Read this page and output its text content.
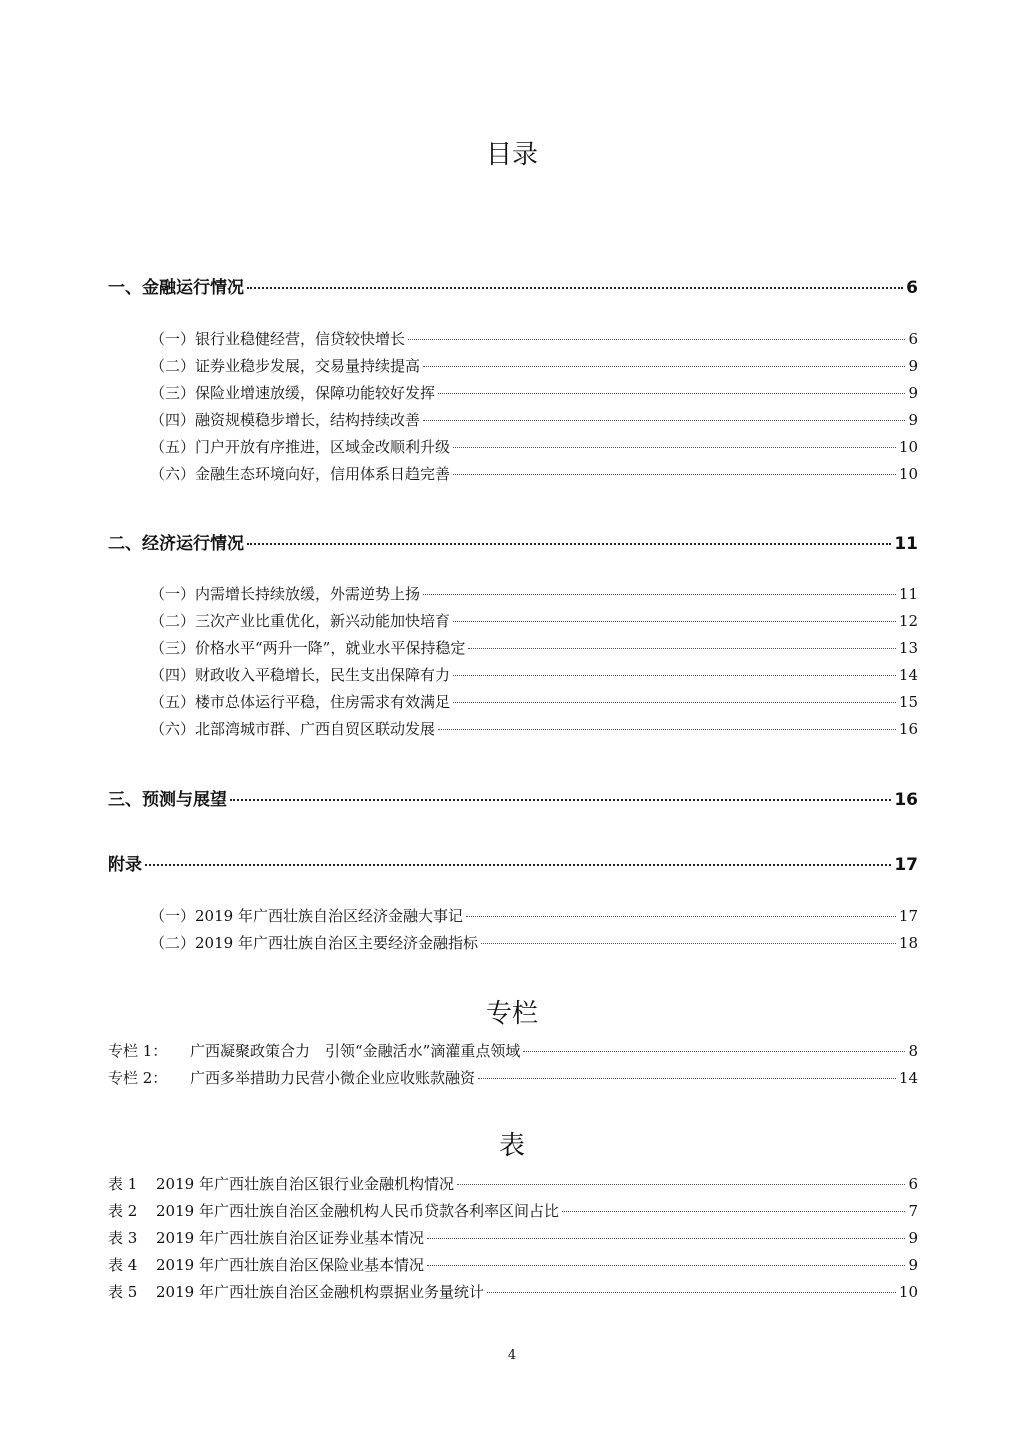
目录
一、金融运行情况	6
（一）银行业稳健经营，信贷较快增长	6
（二）证券业稳步发展，交易量持续提高	9
（三）保险业增速放缓，保障功能较好发挥	9
（四）融资规模稳步增长，结构持续改善	9
（五）门户开放有序推进，区域金改顺利升级	10
（六）金融生态环境向好，信用体系日趋完善	10
二、经济运行情况	11
（一）内需增长持续放缓，外需逆势上扬	11
（二）三次产业比重优化，新兴动能加快培育	12
（三）价格水平“两升一降”，就业水平保持稳定	13
（四）财政收入平稳增长，民生支出保障有力	14
（五）楼市总体运行平稳，住房需求有效满足	15
（六）北部湾城市群、广西自贸区联动发展	16
三、预测与展望	16
附录	17
（一）2019 年广西壮族自治区经济金融大事记	17
（二）2019 年广西壮族自治区主要经济金融指标	18
专栏
专栏 1：	广西凝聚政策合力　引领“金融活水”滴灌重点领域	8
专栏 2：	广西多举措助力民营小微企业应收账款融资	14
表
表 1	2019 年广西壮族自治区银行业金融机构情况	6
表 2	2019 年广西壮族自治区金融机构人民币贷款各利率区间占比	7
表 3	2019 年广西壮族自治区证券业基本情况	9
表 4	2019 年广西壮族自治区保险业基本情况	9
表 5	2019 年广西壮族自治区金融机构票据业务量统计	10
4
